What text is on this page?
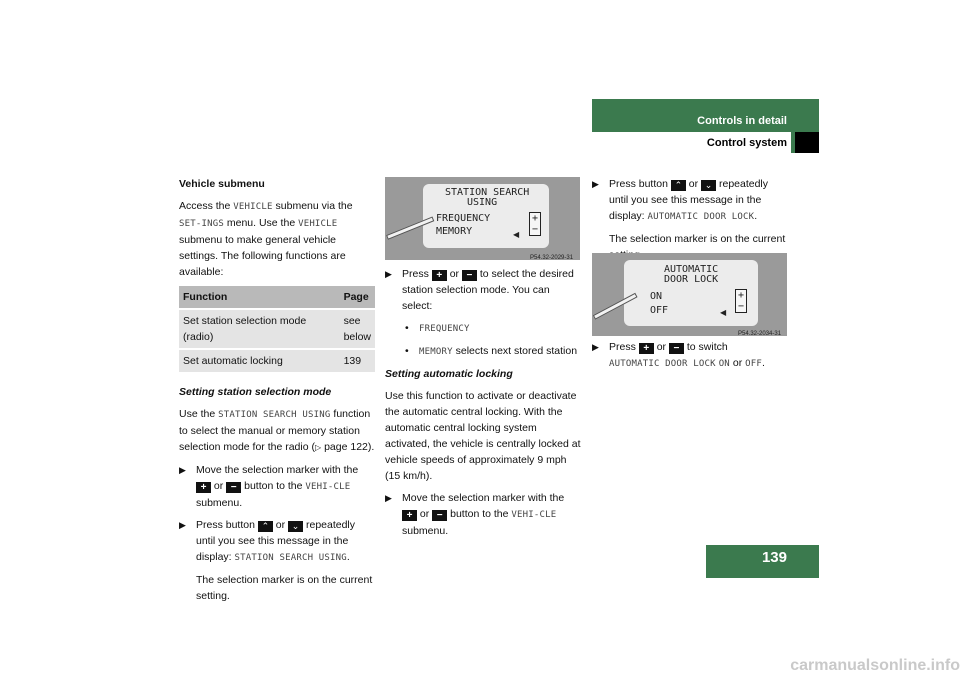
Controls in detail
Control system

Vehicle submenu

Access the VEHICLE submenu via the SET-INGS menu. Use the VEHICLE submenu to make general vehicle settings. The following functions are available:

Function	Page
Set station selection mode (radio)	see below
Set automatic locking	139

Setting station selection mode

Use the STATION SEARCH USING function to select the manual or memory station selection mode for the radio (▷ page 122).

▶ Move the selection marker with the + or − button to the VEHI-CLE submenu.
▶ Press button ⌃ or ⌄ repeatedly until you see this message in the display: STATION SEARCH USING.

The selection marker is on the current setting.

STATION SEARCH
USING
FREQUENCY
MEMORY	◀
+
−
P54.32-2029-31
▶ Press + or − to select the desired station selection mode. You can select:
• FREQUENCY
• MEMORY selects next stored station

Setting automatic locking

Use this function to activate or deactivate the automatic central locking. With the automatic central locking system activated, the vehicle is centrally locked at vehicle speeds of approximately 9 mph (15 km/h).

▶ Move the selection marker with the + or − button to the VEHI-CLE submenu.
▶ Press button ⌃ or ⌄ repeatedly until you see this message in the display: AUTOMATIC DOOR LOCK.

The selection marker is on the current

AUTOMATIC
DOOR LOCK
ON
OFF	◀
+
−
P54.32-2034-31
▶ Press + or − to switch
AUTOMATIC DOOR LOCK ON or OFF.
139
carmanualsonline.info
